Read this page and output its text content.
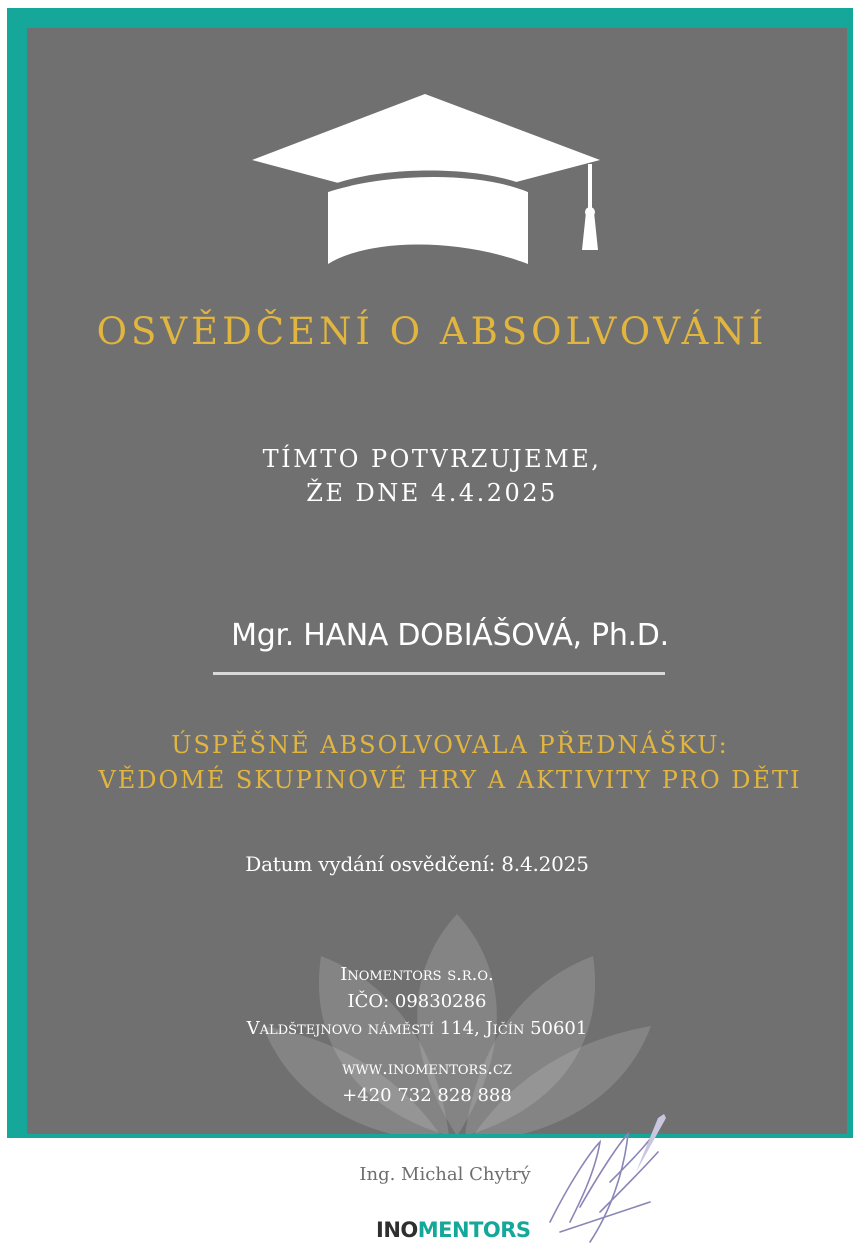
OSVĚDČENÍ O ABSOLVOVÁNÍ
TÍMTO POTVRZUJEME,
ŽE DNE 4.4.2025
Mgr. HANA DOBIÁŠOVÁ, Ph.D.
ÚSPĚŠNĚ ABSOLVOVALA PŘEDNÁŠKU:
VĚDOMÉ SKUPINOVÉ HRY A AKTIVITY PRO DĚTI
Datum vydání osvědčení: 8.4.2025
Inomentors s.r.o.
IČO: 09830286
Valdštejnovo náměstí 114, Jičín 50601
www.inomentors.cz
+420 732 828 888
Ing. Michal Chytrý
INOMENTORS
